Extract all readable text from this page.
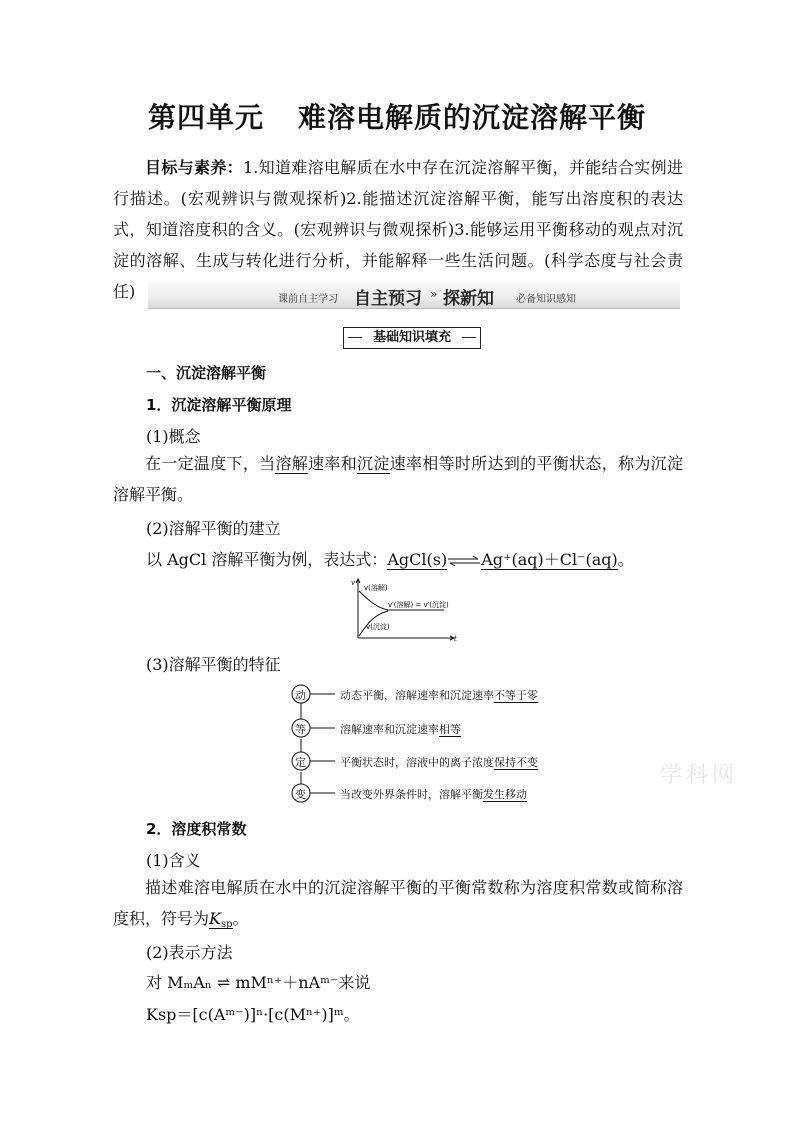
第四单元 难溶电解质的沉淀溶解平衡
目标与素养：1.知道难溶电解质在水中存在沉淀溶解平衡，并能结合实例进行描述。(宏观辨识与微观探析)2.能描述沉淀溶解平衡，能写出溶度积的表达式，知道溶度积的含义。(宏观辨识与微观探析)3.能够运用平衡移动的观点对沉淀的溶解、生成与转化进行分析，并能解释一些生活问题。(科学态度与社会责任)	课前自主学习 自主预习 » 探新知 必备知识感知
基础知识填充
一、沉淀溶解平衡
1．沉淀溶解平衡原理
(1)概念
在一定温度下，当溶解速率和沉淀速率相等时所达到的平衡状态，称为沉淀溶解平衡。
(2)溶解平衡的建立
以 AgCl 溶解平衡为例，表达式：AgCl(s)⇌Ag⁺(aq)＋Cl⁻(aq)。
v
t
v(溶解)
v′(溶解) = v′(沉淀)
v(沉淀)
(3)溶解平衡的特征
动
等
定
变
动态平衡，溶解速率和沉淀速率不等于零
溶解速率和沉淀速率相等
平衡状态时，溶液中的离子浓度保持不变
当改变外界条件时，溶解平衡发生移动
学科网
2．溶度积常数
(1)含义
描述难溶电解质在水中的沉淀溶解平衡的平衡常数称为溶度积常数或简称溶度积，符号为$K_{sp}$。
(2)表示方法
对 MₘAₙ ⇌ mMⁿ⁺＋nAᵐ⁻来说
Ksp＝[c(Aᵐ⁻)]ⁿ·[c(Mⁿ⁺)]ᵐ。
